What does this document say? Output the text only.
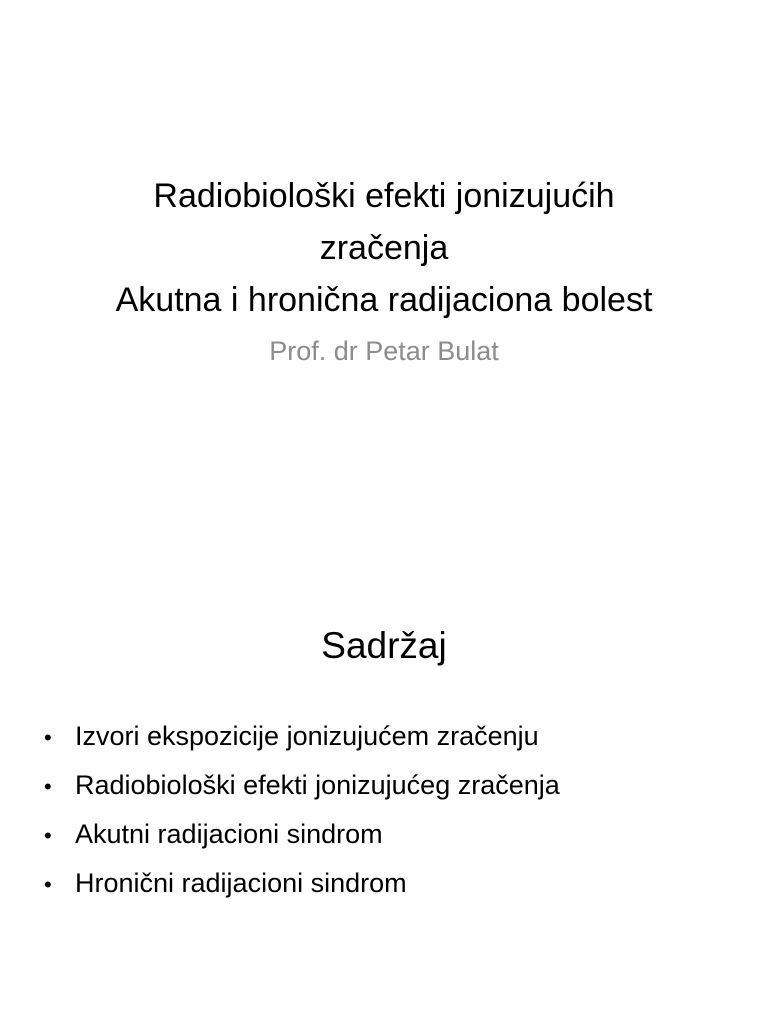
Radiobiološki efekti jonizujućih
zračenja
Akutna i hronična radijaciona bolest
Prof. dr Petar Bulat
Sadržaj
• Izvori ekspozicije jonizujućem zračenju
• Radiobiološki efekti jonizujućeg zračenja
• Akutni radijacioni sindrom
• Hronični radijacioni sindrom
